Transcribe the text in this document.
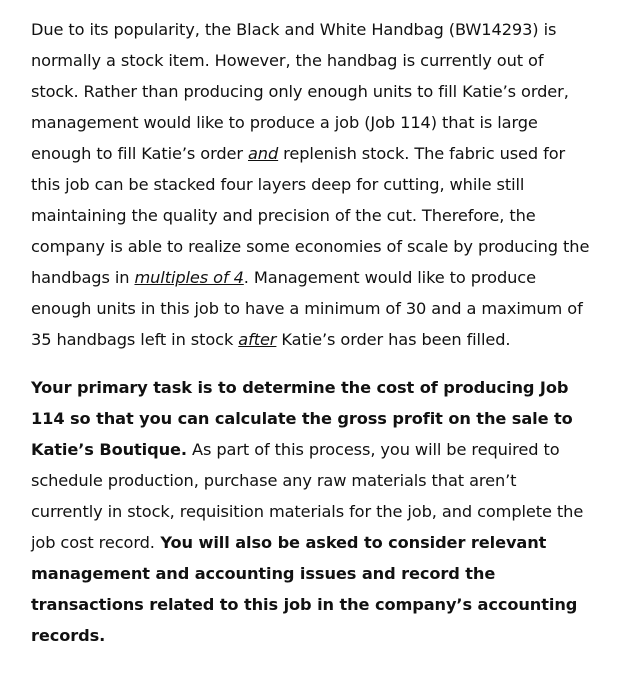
Due to its popularity, the Black and White Handbag (BW14293) is normally a stock item. However, the handbag is currently out of stock. Rather than producing only enough units to fill Katie’s order, management would like to produce a job (Job 114) that is large enough to fill Katie’s order and replenish stock. The fabric used for this job can be stacked four layers deep for cutting, while still maintaining the quality and precision of the cut. Therefore, the company is able to realize some economies of scale by producing the handbags in multiples of 4. Management would like to produce enough units in this job to have a minimum of 30 and a maximum of 35 handbags left in stock after Katie’s order has been filled.

Your primary task is to determine the cost of producing Job 114 so that you can calculate the gross profit on the sale to Katie’s Boutique. As part of this process, you will be required to schedule production, purchase any raw materials that aren’t currently in stock, requisition materials for the job, and complete the job cost record. You will also be asked to consider relevant management and accounting issues and record the transactions related to this job in the company’s accounting records.
